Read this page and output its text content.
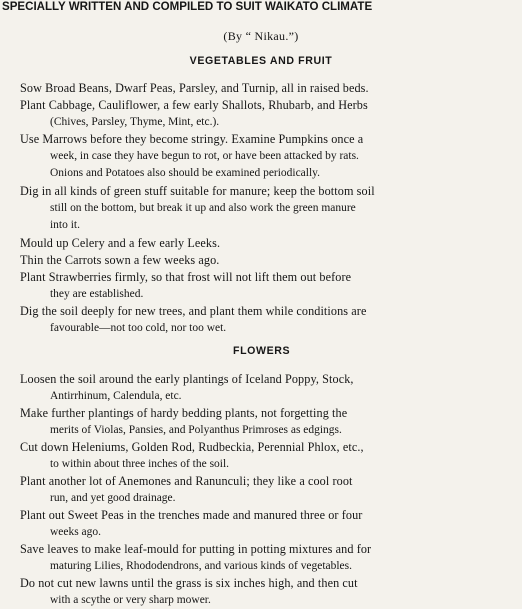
SPECIALLY WRITTEN AND COMPILED TO SUIT WAIKATO CLIMATE
(By “ Nikau.”)
VEGETABLES AND FRUIT
Sow Broad Beans, Dwarf Peas, Parsley, and Turnip, all in raised beds.
Plant Cabbage, Cauliflower, a few early Shallots, Rhubarb, and Herbs
(Chives, Parsley, Thyme, Mint, etc.).
Use Marrows before they become stringy. Examine Pumpkins once a
week, in case they have begun to rot, or have been attacked by rats.
Onions and Potatoes also should be examined periodically.
Dig in all kinds of green stuff suitable for manure; keep the bottom soil
still on the bottom, but break it up and also work the green manure
into it.
Mould up Celery and a few early Leeks.
Thin the Carrots sown a few weeks ago.
Plant Strawberries firmly, so that frost will not lift them out before
they are established.
Dig the soil deeply for new trees, and plant them while conditions are
favourable—not too cold, nor too wet.
FLOWERS
Loosen the soil around the early plantings of Iceland Poppy, Stock,
Antirrhinum, Calendula, etc.
Make further plantings of hardy bedding plants, not forgetting the
merits of Violas, Pansies, and Polyanthus Primroses as edgings.
Cut down Heleniums, Golden Rod, Rudbeckia, Perennial Phlox, etc.,
to within about three inches of the soil.
Plant another lot of Anemones and Ranunculi; they like a cool root
run, and yet good drainage.
Plant out Sweet Peas in the trenches made and manured three or four
weeks ago.
Save leaves to make leaf-mould for putting in potting mixtures and for
maturing Lilies, Rhododendrons, and various kinds of vegetables.
Do not cut new lawns until the grass is six inches high, and then cut
with a scythe or very sharp mower.
